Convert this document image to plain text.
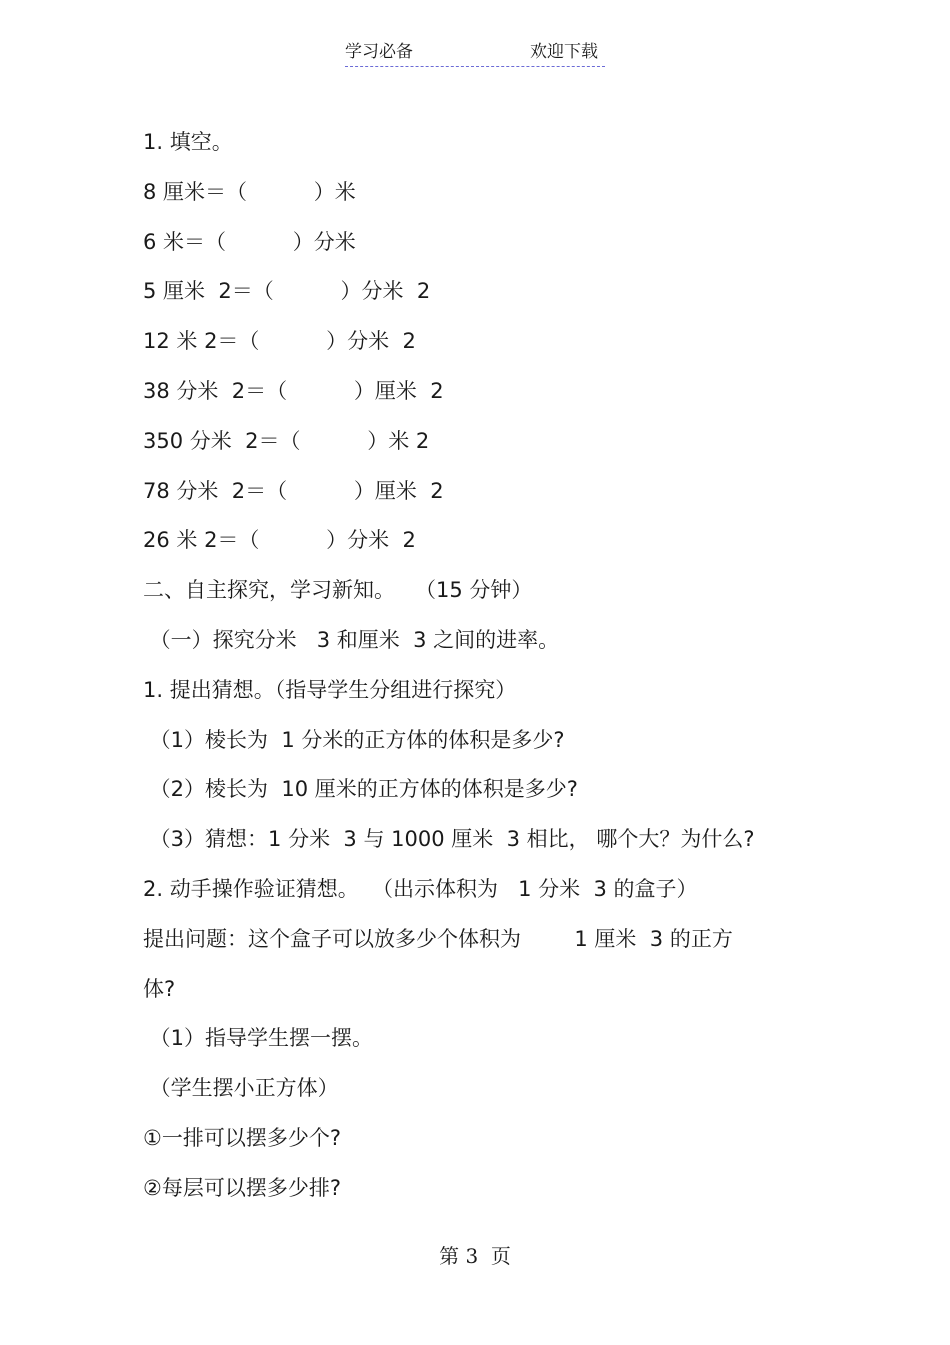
学习必备	欢迎下载
1. 填空。
8 厘米＝（          ）米
6 米＝（          ）分米
5 厘米  2＝（          ）分米  2
12 米 2＝（          ）分米  2
38 分米  2＝（          ）厘米  2
350 分米  2＝（          ）米 2
78 分米  2＝（          ）厘米  2
26 米 2＝（          ）分米  2
二、自主探究，学习新知。   （15 分钟）
（一）探究分米   3 和厘米  3 之间的进率。
1. 提出猜想。（指导学生分组进行探究）
（1）棱长为  1 分米的正方体的体积是多少?
（2）棱长为  10 厘米的正方体的体积是多少?
（3）猜想：1 分米  3 与 1000 厘米  3 相比， 哪个大？为什么?
2. 动手操作验证猜想。  （出示体积为   1 分米  3 的盒子）
提出问题：这个盒子可以放多少个体积为        1 厘米  3 的正方
体?
（1）指导学生摆一摆。
（学生摆小正方体）
①一排可以摆多少个?
②每层可以摆多少排?
第 3  页
